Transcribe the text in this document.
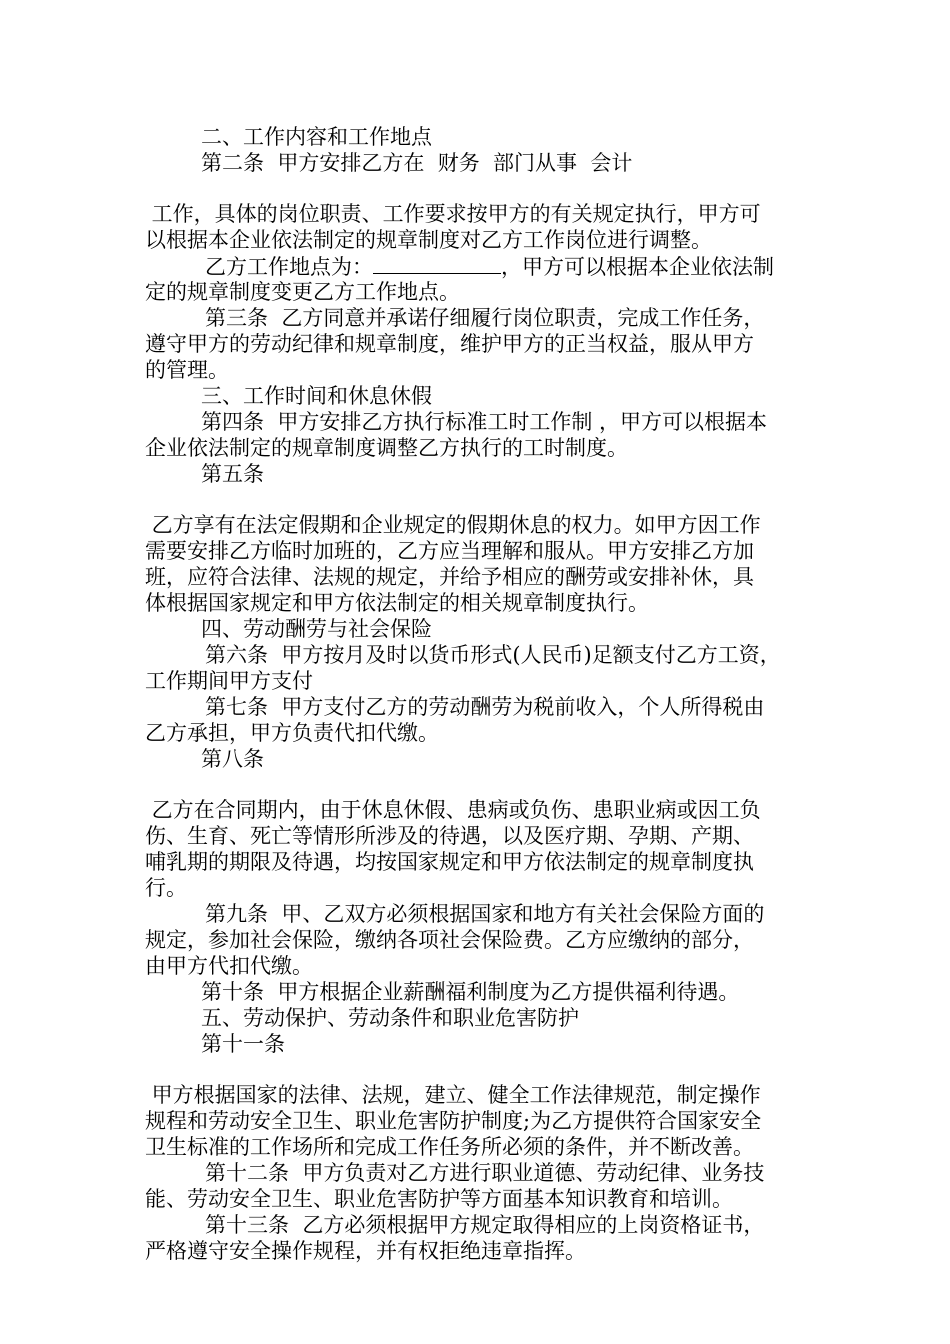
二、工作内容和工作地点
第二条  甲方安排乙方在  财务  部门从事  会计
工作，具体的岗位职责、工作要求按甲方的有关规定执行，甲方可
以根据本企业依法制定的规章制度对乙方工作岗位进行调整。
乙方工作地点为：	，甲方可以根据本企业依法制
定的规章制度变更乙方工作地点。
第三条  乙方同意并承诺仔细履行岗位职责，完成工作任务，
遵守甲方的劳动纪律和规章制度，维护甲方的正当权益，服从甲方
的管理。
三、工作时间和休息休假
第四条  甲方安排乙方执行标准工时工作制 ，甲方可以根据本
企业依法制定的规章制度调整乙方执行的工时制度。
第五条
乙方享有在法定假期和企业规定的假期休息的权力。如甲方因工作
需要安排乙方临时加班的，乙方应当理解和服从。甲方安排乙方加
班，应符合法律、法规的规定，并给予相应的酬劳或安排补休，具
体根据国家规定和甲方依法制定的相关规章制度执行。
四、劳动酬劳与社会保险
第六条  甲方按月及时以货币形式(人民币)足额支付乙方工资，
工作期间甲方支付
第七条  甲方支付乙方的劳动酬劳为税前收入，个人所得税由
乙方承担，甲方负责代扣代缴。
第八条
乙方在合同期内，由于休息休假、患病或负伤、患职业病或因工负
伤、生育、死亡等情形所涉及的待遇，以及医疗期、孕期、产期、
哺乳期的期限及待遇，均按国家规定和甲方依法制定的规章制度执
行。
第九条  甲、乙双方必须根据国家和地方有关社会保险方面的
规定，参加社会保险，缴纳各项社会保险费。乙方应缴纳的部分，
由甲方代扣代缴。
第十条  甲方根据企业薪酬福利制度为乙方提供福利待遇。
五、劳动保护、劳动条件和职业危害防护
第十一条
甲方根据国家的法律、法规，建立、健全工作法律规范，制定操作
规程和劳动安全卫生、职业危害防护制度;为乙方提供符合国家安全
卫生标准的工作场所和完成工作任务所必须的条件，并不断改善。
第十二条  甲方负责对乙方进行职业道德、劳动纪律、业务技
能、劳动安全卫生、职业危害防护等方面基本知识教育和培训。
第十三条  乙方必须根据甲方规定取得相应的上岗资格证书，
严格遵守安全操作规程，并有权拒绝违章指挥。
